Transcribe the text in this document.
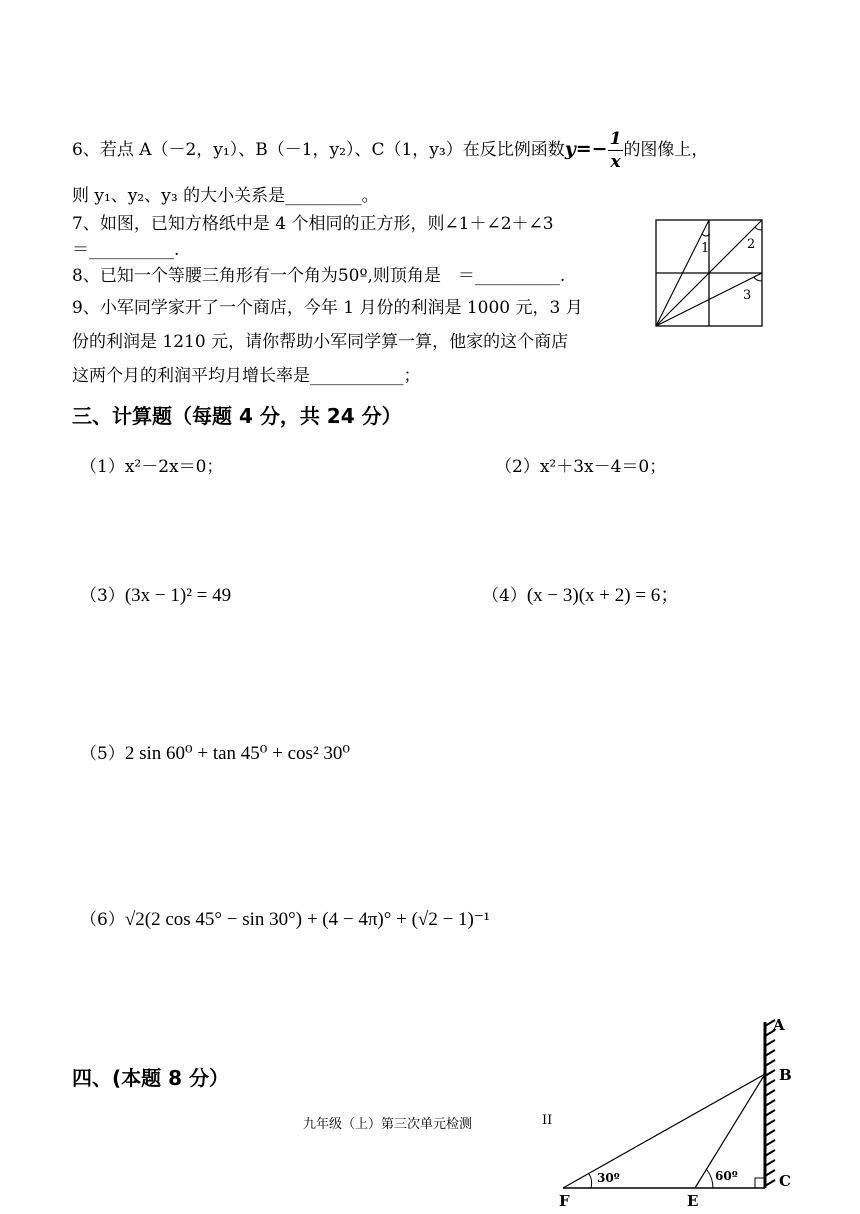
6、若点 A（－2，y₁）、B（－1，y₂）、C（1，y₃）在反比例函数$y=- \frac{1}{x}$ 的图像上，
则 y₁、y₂、y₃ 的大小关系是_________。
7、如图，已知方格纸中是 4 个相同的正方形，则∠1＋∠2＋∠3
＝__________.	1	2
3
8、已知一个等腰三角形有一个角为50º,则顶角是　＝__________.
9、小军同学家开了一个商店，今年 1 月份的利润是 1000 元，3 月
份的利润是 1210 元，请你帮助小军同学算一算，他家的这个商店
这两个月的利润平均月增长率是___________；
三、计算题（每题 4 分，共 24 分）
（1）x²－2x＝0；	（2）x²＋3x－4＝0；
（3）(3x − 1)² = 49	（4）(x − 3)(x + 2) = 6；
（5）2 sin 60⁰ + tan 45⁰ + cos² 30⁰
（6）√2(2 cos 45° − sin 30°) + (4 − 4π)° + (√2 − 1)⁻¹
四、(本题 8 分）
九年级（上）第三次单元检测	II
30º	60º
A
B
C
E
F
